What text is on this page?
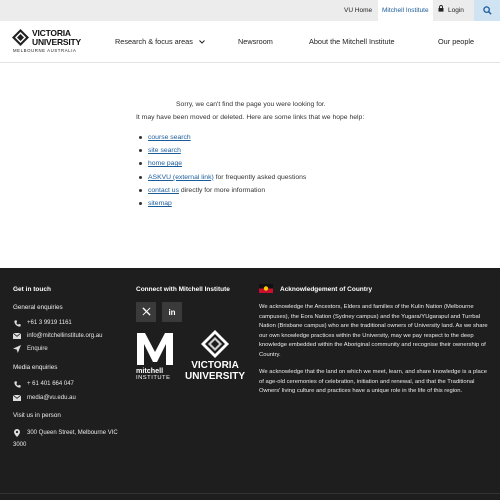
VU Home	Mitchell Institute	Login
VICTORIA
UNIVERSITY
MELBOURNE AUSTRALIA
Research & focus areas	Newsroom	About the Mitchell Institute	Our people
Sorry, we can't find the page you were looking for.
It may have been moved or deleted. Here are some links that we hope help:
course search
site search
home page
ASKVU (external link) for frequently asked questions
contact us directly for more information
sitemap
Get in touch
General enquiries
+61 3 9919 1161
info@mitchellinstitute.org.au
Enquire
Media enquiries
+ 61 401 664 047
media@vu.edu.au
Visit us in person
300 Queen Street, Melbourne VIC
3000
Connect with Mitchell Institute
in
mitchell
INSTITUTE
VICTORIA
UNIVERSITY
Acknowledgement of Country
We acknowledge the Ancestors, Elders and families of the Kulin Nation (Melbourne campuses), the Eora Nation (Sydney campus) and the Yugara/YUgarapul and Turrbal Nation (Brisbane campus) who are the traditional owners of University land. As we share our own knowledge practices within the University, may we pay respect to the deep knowledge embedded within the Aboriginal community and recognise their ownership of Country.
We acknowledge that the land on which we meet, learn, and share knowledge is a place of age-old ceremonies of celebration, initiation and renewal, and that the Traditional Owners' living culture and practices have a unique role in the life of this region.
